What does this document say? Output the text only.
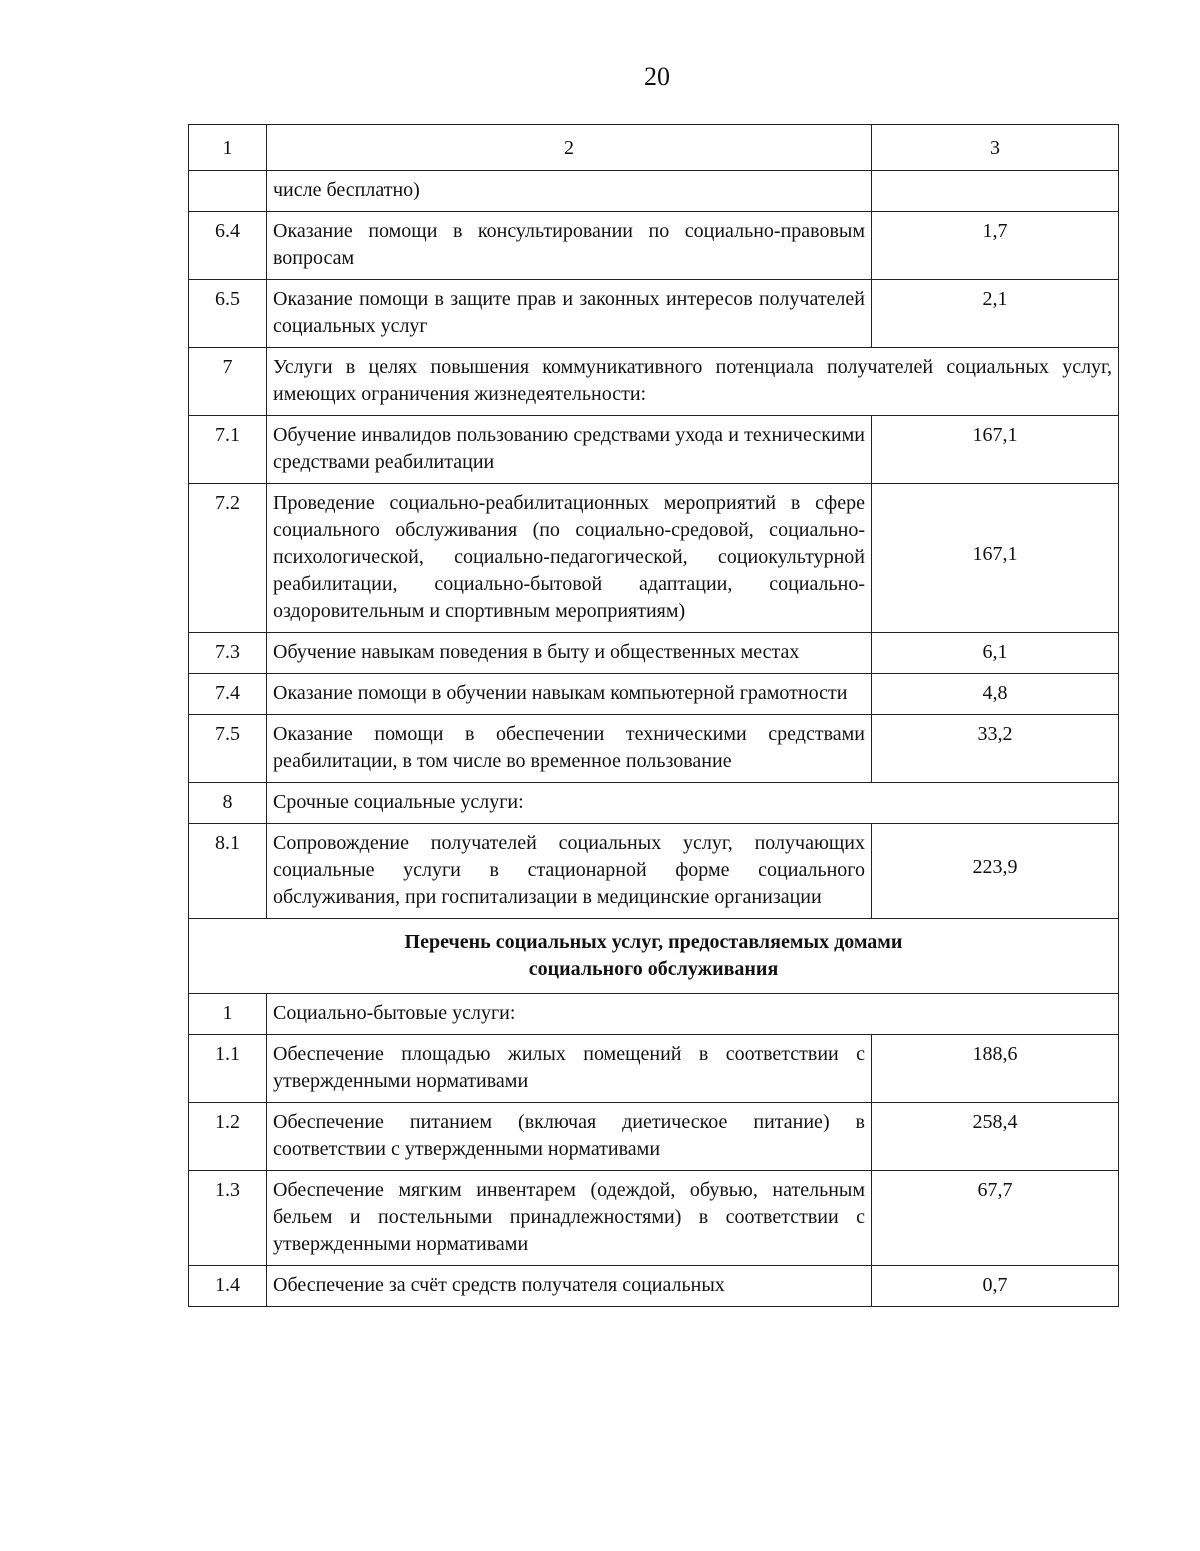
20
1	2	3
	числе бесплатно)	
6.4	Оказание помощи в консультировании по социально-правовым вопросам	1,7
6.5	Оказание помощи в защите прав и законных интересов получателей социальных услуг	2,1
7	Услуги в целях повышения коммуникативного потенциала получателей социальных услуг, имеющих ограничения жизнедеятельности:	
7.1	Обучение инвалидов пользованию средствами ухода и техническими средствами реабилитации	167,1
7.2	Проведение социально-реабилитационных мероприятий в сфере социального обслуживания (по социально-средовой, социально-психологической, социально-педагогической, социокультурной реабилитации, социально-бытовой адаптации, социально-оздоровительным и спортивным мероприятиям)	167,1
7.3	Обучение навыкам поведения в быту и общественных местах	6,1
7.4	Оказание помощи в обучении навыкам компьютерной грамотности	4,8
7.5	Оказание помощи в обеспечении техническими средствами реабилитации, в том числе во временное пользование	33,2
8	Срочные социальные услуги:	
8.1	Сопровождение получателей социальных услуг, получающих социальные услуги в стационарной форме социального обслуживания, при госпитализации в медицинские организации	223,9

Перечень социальных услуг, предоставляемых домами
социального обслуживания		

1	Социально-бытовые услуги:	
1.1	Обеспечение площадью жилых помещений в соответствии с утвержденными нормативами	188,6
1.2	Обеспечение питанием (включая диетическое питание) в соответствии с утвержденными нормативами	258,4
1.3	Обеспечение мягким инвентарем (одеждой, обувью, нательным бельем и постельными принадлежностями) в соответствии с утвержденными нормативами	67,7
1.4	Обеспечение за счёт средств получателя социальных	0,7
